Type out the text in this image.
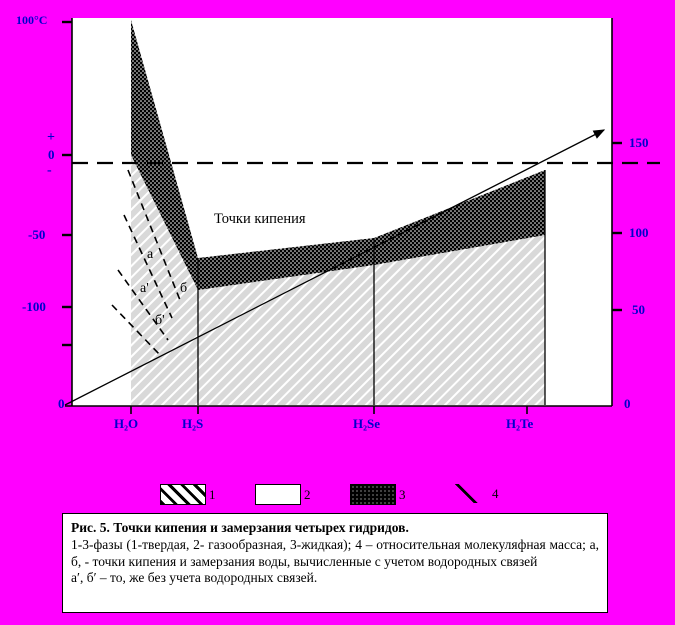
100°C
+
0
-
-50
-100
150
100
50
0
0
H₂O	H₂S	H₂Se	H₂Te
Точки кипения
а
а' б
б'
1	2	3	4

Рис. 5. Точки кипения и замерзания четырех гидридов.

1-3-фазы (1-твердая, 2- газообразная, 3-жидкая); 4 – относительная молекуляфная масса; а, б, - точки кипения и замерзания воды, вычисленные с учетом водородных связей

а′, б′ – то, же без учета водородных связей.
